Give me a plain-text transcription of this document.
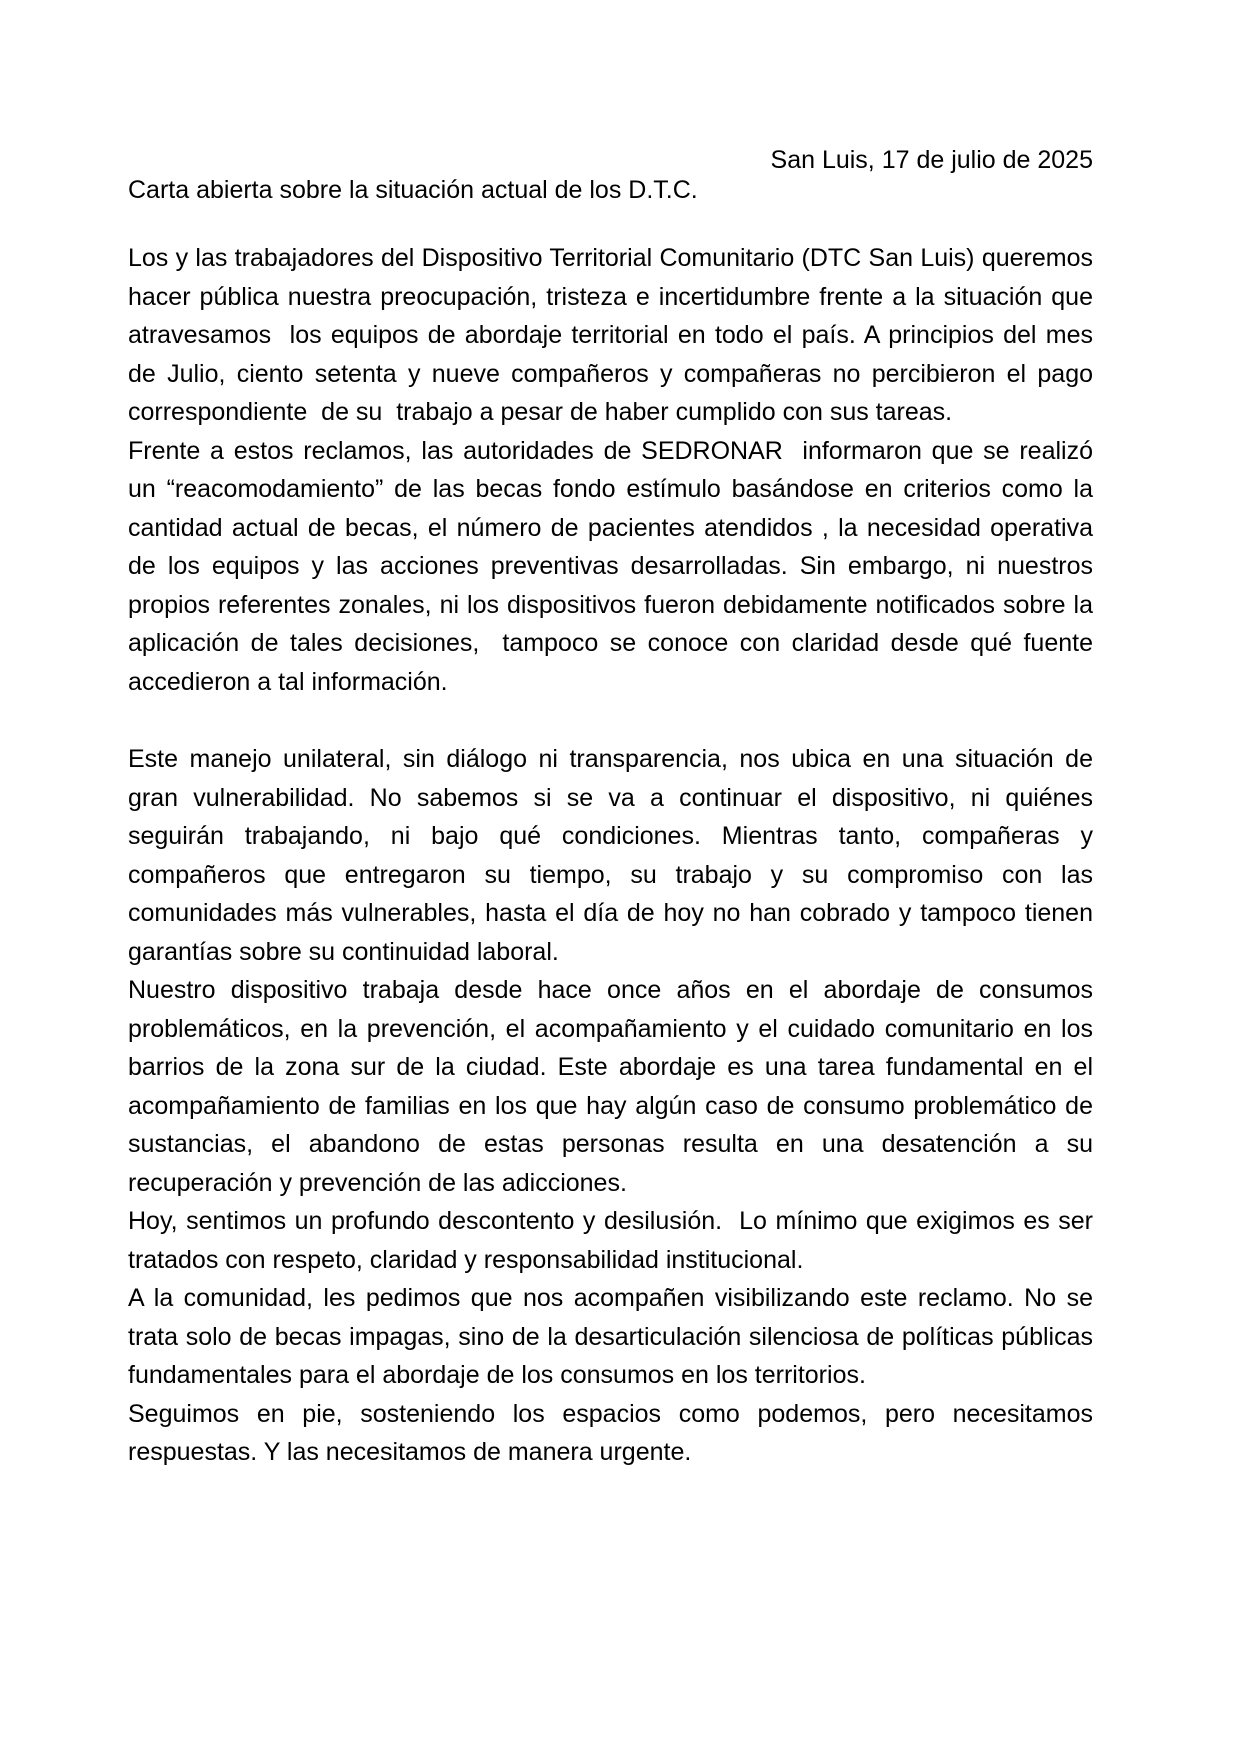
San Luis, 17 de julio de 2025
Carta abierta sobre la situación actual de los D.T.C.

Los y las trabajadores del Dispositivo Territorial Comunitario (DTC San Luis) queremos hacer pública nuestra preocupación, tristeza e incertidumbre frente a la situación que atravesamos  los equipos de abordaje territorial en todo el país. A principios del mes de Julio, ciento setenta y nueve compañeros y compañeras no percibieron el pago correspondiente  de su  trabajo a pesar de haber cumplido con sus tareas.

Frente a estos reclamos, las autoridades de SEDRONAR  informaron que se realizó un “reacomodamiento” de las becas fondo estímulo basándose en criterios como la cantidad actual de becas, el número de pacientes atendidos , la necesidad operativa de los equipos y las acciones preventivas desarrolladas. Sin embargo, ni nuestros propios referentes zonales, ni los dispositivos fueron debidamente notificados sobre la aplicación de tales decisiones,  tampoco se conoce con claridad desde qué fuente accedieron a tal información.

Este manejo unilateral, sin diálogo ni transparencia, nos ubica en una situación de gran vulnerabilidad. No sabemos si se va a continuar el dispositivo, ni quiénes seguirán trabajando, ni bajo qué condiciones. Mientras tanto, compañeras y compañeros que entregaron su tiempo, su trabajo y su compromiso con las comunidades más vulnerables, hasta el día de hoy no han cobrado y tampoco tienen garantías sobre su continuidad laboral.

Nuestro dispositivo trabaja desde hace once años en el abordaje de consumos problemáticos, en la prevención, el acompañamiento y el cuidado comunitario en los barrios de la zona sur de la ciudad. Este abordaje es una tarea fundamental en el acompañamiento de familias en los que hay algún caso de consumo problemático de sustancias, el abandono de estas personas resulta en una desatención a su recuperación y prevención de las adicciones.

Hoy, sentimos un profundo descontento y desilusión.  Lo mínimo que exigimos es ser tratados con respeto, claridad y responsabilidad institucional.

A la comunidad, les pedimos que nos acompañen visibilizando este reclamo. No se trata solo de becas impagas, sino de la desarticulación silenciosa de políticas públicas fundamentales para el abordaje de los consumos en los territorios.

Seguimos en pie, sosteniendo los espacios como podemos, pero necesitamos respuestas. Y las necesitamos de manera urgente.
